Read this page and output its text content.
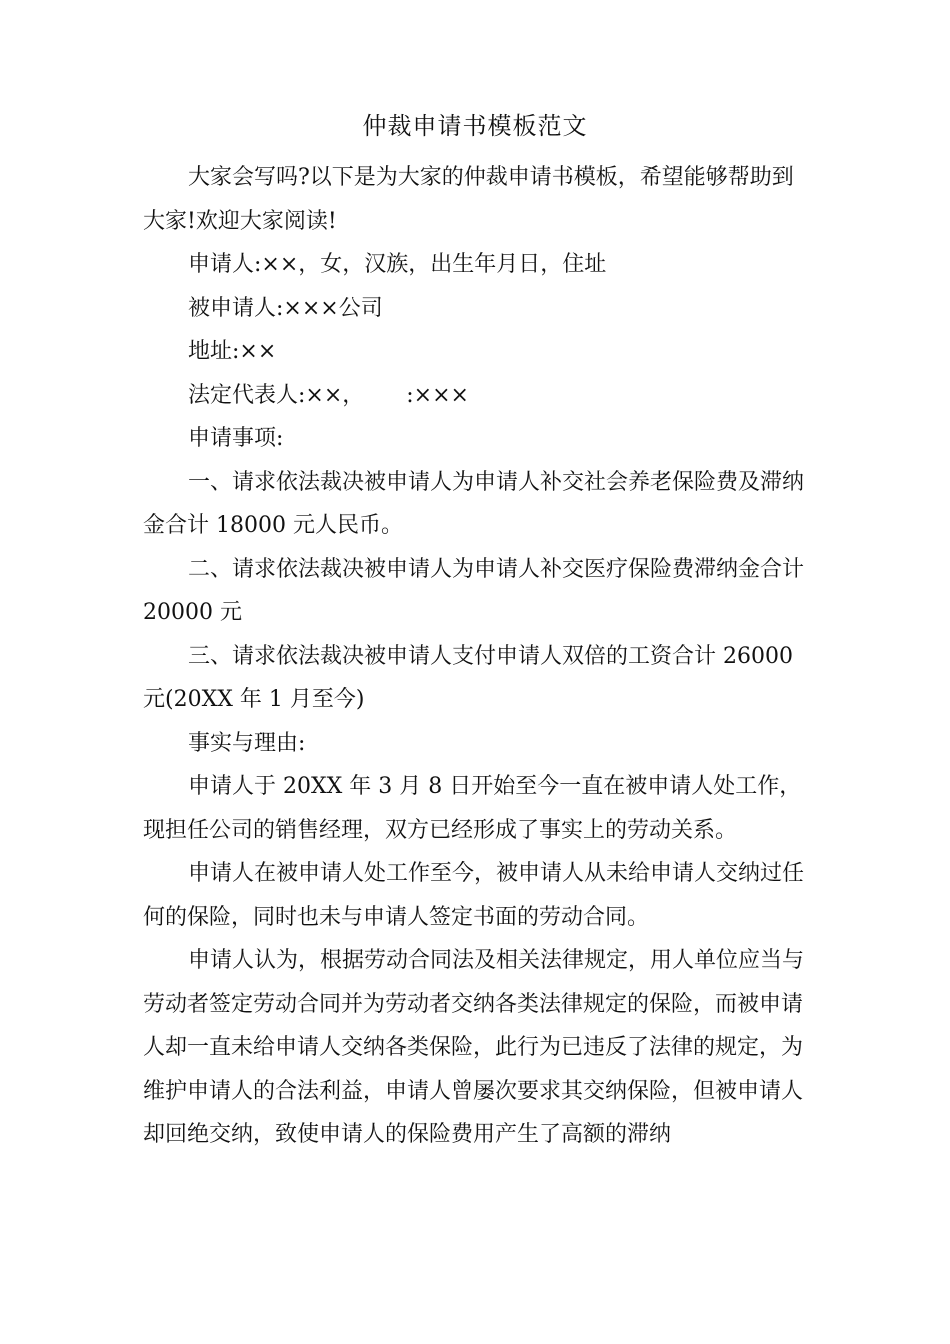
仲裁申请书模板范文

大家会写吗?以下是为大家的仲裁申请书模板，希望能够帮助到大家!欢迎大家阅读!

申请人:××，女，汉族，出生年月日，住址

被申请人:×××公司

地址:××

法定代表人:××，      :×××

申请事项:

一、请求依法裁决被申请人为申请人补交社会养老保险费及滞纳金合计 18000 元人民币。

二、请求依法裁决被申请人为申请人补交医疗保险费滞纳金合计 20000 元

三、请求依法裁决被申请人支付申请人双倍的工资合计 26000 元(20XX 年 1 月至今)

事实与理由:

申请人于 20XX 年 3 月 8 日开始至今一直在被申请人处工作，现担任公司的销售经理，双方已经形成了事实上的劳动关系。

申请人在被申请人处工作至今，被申请人从未给申请人交纳过任何的保险，同时也未与申请人签定书面的劳动合同。

申请人认为，根据劳动合同法及相关法律规定，用人单位应当与劳动者签定劳动合同并为劳动者交纳各类法律规定的保险，而被申请人却一直未给申请人交纳各类保险，此行为已违反了法律的规定，为维护申请人的合法利益，申请人曾屡次要求其交纳保险，但被申请人却回绝交纳，致使申请人的保险费用产生了高额的滞纳
